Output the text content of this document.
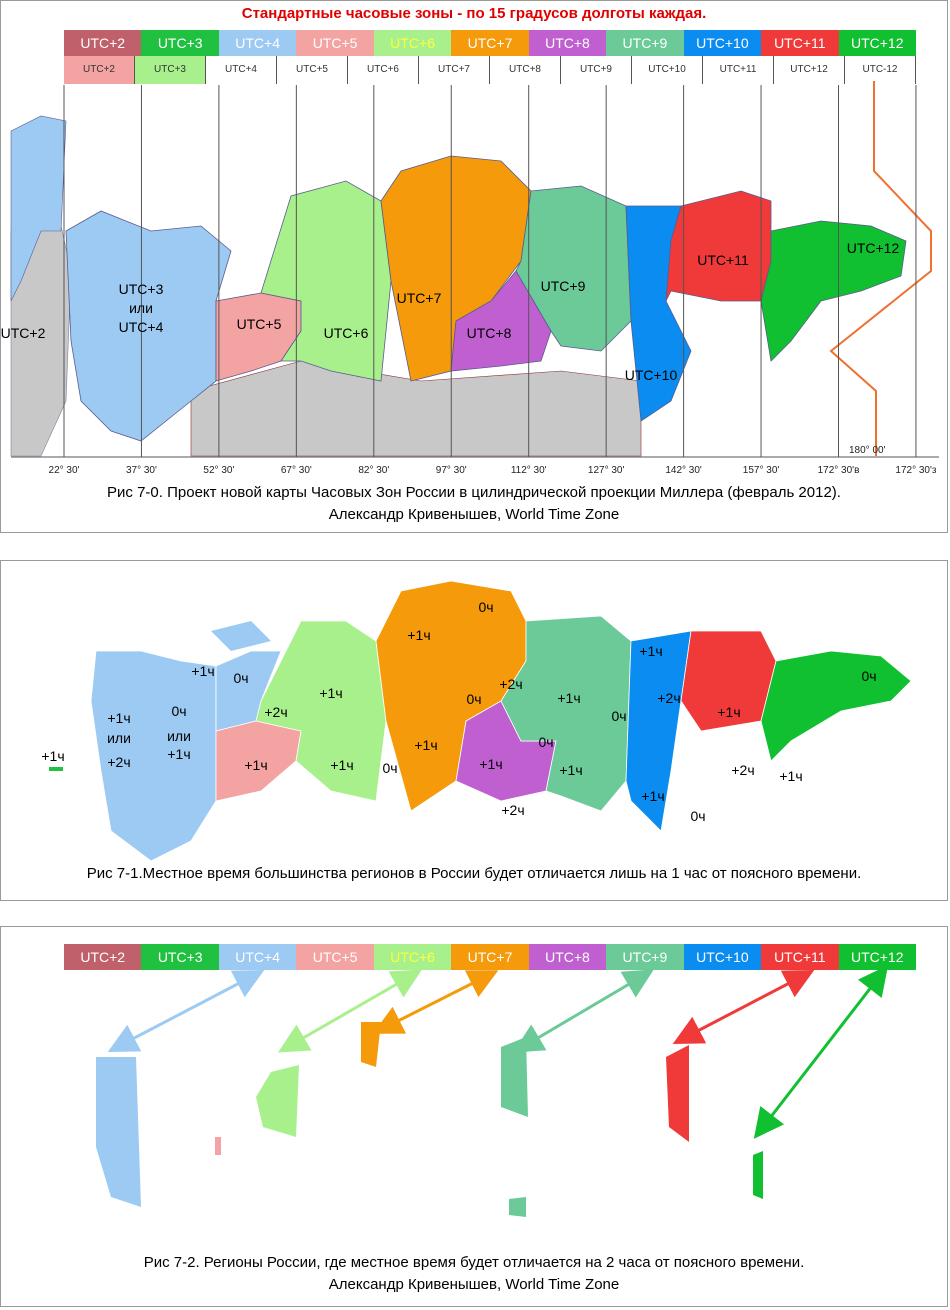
Стандартные часовые зоны - по 15 градусов долготы каждая.
UTC+2	UTC+3	UTC+4	UTC+5	UTC+6	UTC+7	UTC+8	UTC+9	UTC+10	UTC+11	UTC+12
UTC+2	UTC+3	UTC+4	UTC+5	UTC+6	UTC+7	UTC+8	UTC+9	UTC+10	UTC+11	UTC+12	UTC-12
UTC+2
UTC+3
или
UTC+4	UTC+5
UTC+6
UTC+7
UTC+8
UTC+9
UTC+10
UTC+11
UTC+12
22° 30'	37° 30'	52° 30'	67° 30'	82° 30'	97° 30'	112° 30'	127° 30'	142° 30'	157° 30'	172° 30'в	172° 30'з
180° 00'
Рис 7-0. Проект новой карты Часовых Зон России в цилиндрической проекции Миллера (февраль 2012).
Александр Кривенышев, World Time Zone
+1ч 0ч
+1ч
0ч
+1ч
или
+2ч
0ч
или
+1ч
+2ч
+1ч
+1ч
0ч
+1ч
+1ч 0ч
+2ч
+1ч
+1ч
0ч
+1ч
+1ч
+2ч
+1ч
+1ч
0ч
+2ч +1ч
+2ч
+1ч
0ч
0ч
Рис 7-1.Местное время большинства регионов в России будет отличается лишь на 1 час от поясного времени.
UTC+2	UTC+3	UTC+4	UTC+5	UTC+6	UTC+7	UTC+8	UTC+9	UTC+10	UTC+11	UTC+12
Рис 7-2. Регионы России, где местное время будет отличается на 2 часа от поясного времени.
Александр Кривенышев, World Time Zone
